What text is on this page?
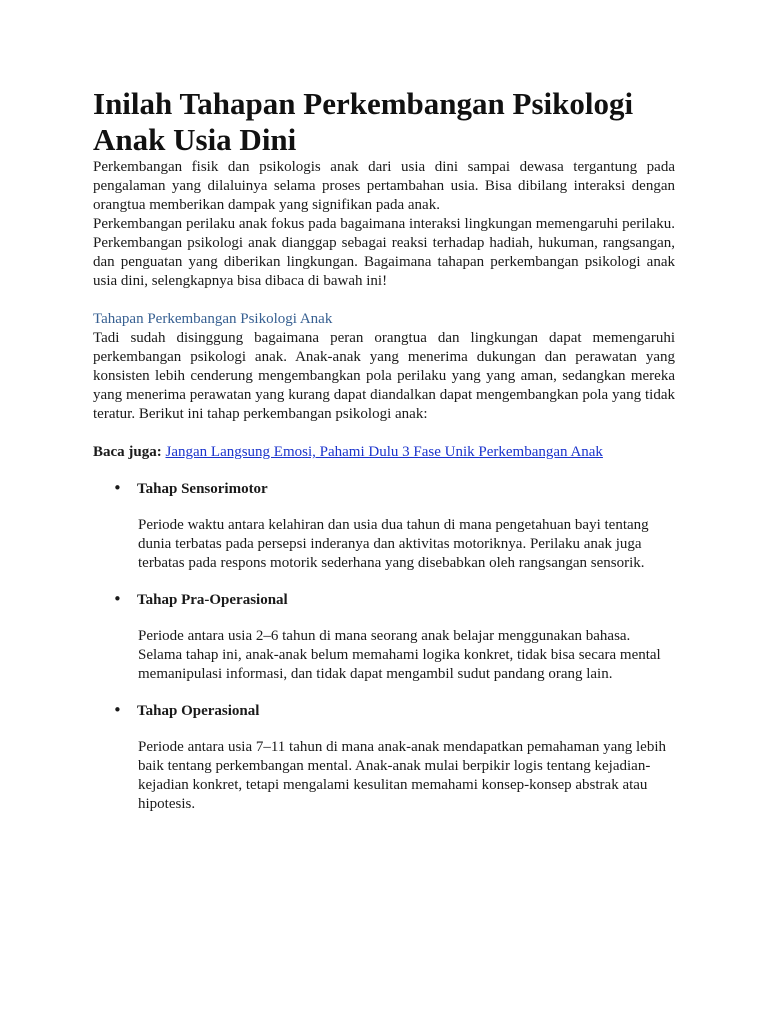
Inilah Tahapan Perkembangan Psikologi Anak Usia Dini

Perkembangan fisik dan psikologis anak dari usia dini sampai dewasa tergantung pada pengalaman yang dilaluinya selama proses pertambahan usia. Bisa dibilang interaksi dengan orangtua memberikan dampak yang signifikan pada anak.

Perkembangan perilaku anak fokus pada bagaimana interaksi lingkungan memengaruhi perilaku. Perkembangan psikologi anak dianggap sebagai reaksi terhadap hadiah, hukuman, rangsangan, dan penguatan yang diberikan lingkungan. Bagaimana tahapan perkembangan psikologi anak usia dini, selengkapnya bisa dibaca di bawah ini!

Tahapan Perkembangan Psikologi Anak

Tadi sudah disinggung bagaimana peran orangtua dan lingkungan dapat memengaruhi perkembangan psikologi anak. Anak-anak yang menerima dukungan dan perawatan yang konsisten lebih cenderung mengembangkan pola perilaku yang yang aman, sedangkan mereka yang menerima perawatan yang kurang dapat diandalkan dapat mengembangkan pola yang tidak teratur. Berikut ini tahap perkembangan psikologi anak:

Baca juga: Jangan Langsung Emosi, Pahami Dulu 3 Fase Unik Perkembangan Anak
•	Tahap Sensorimotor
Periode waktu antara kelahiran dan usia dua tahun di mana pengetahuan bayi tentang dunia terbatas pada persepsi inderanya dan aktivitas motoriknya. Perilaku anak juga terbatas pada respons motorik sederhana yang disebabkan oleh rangsangan sensorik.
•	Tahap Pra-Operasional
Periode antara usia 2–6 tahun di mana seorang anak belajar menggunakan bahasa. Selama tahap ini, anak-anak belum memahami logika konkret, tidak bisa secara mental memanipulasi informasi, dan tidak dapat mengambil sudut pandang orang lain.
•	Tahap Operasional
Periode antara usia 7–11 tahun di mana anak-anak mendapatkan pemahaman yang lebih baik tentang perkembangan mental. Anak-anak mulai berpikir logis tentang kejadian-kejadian konkret, tetapi mengalami kesulitan memahami konsep-konsep abstrak atau hipotesis.
